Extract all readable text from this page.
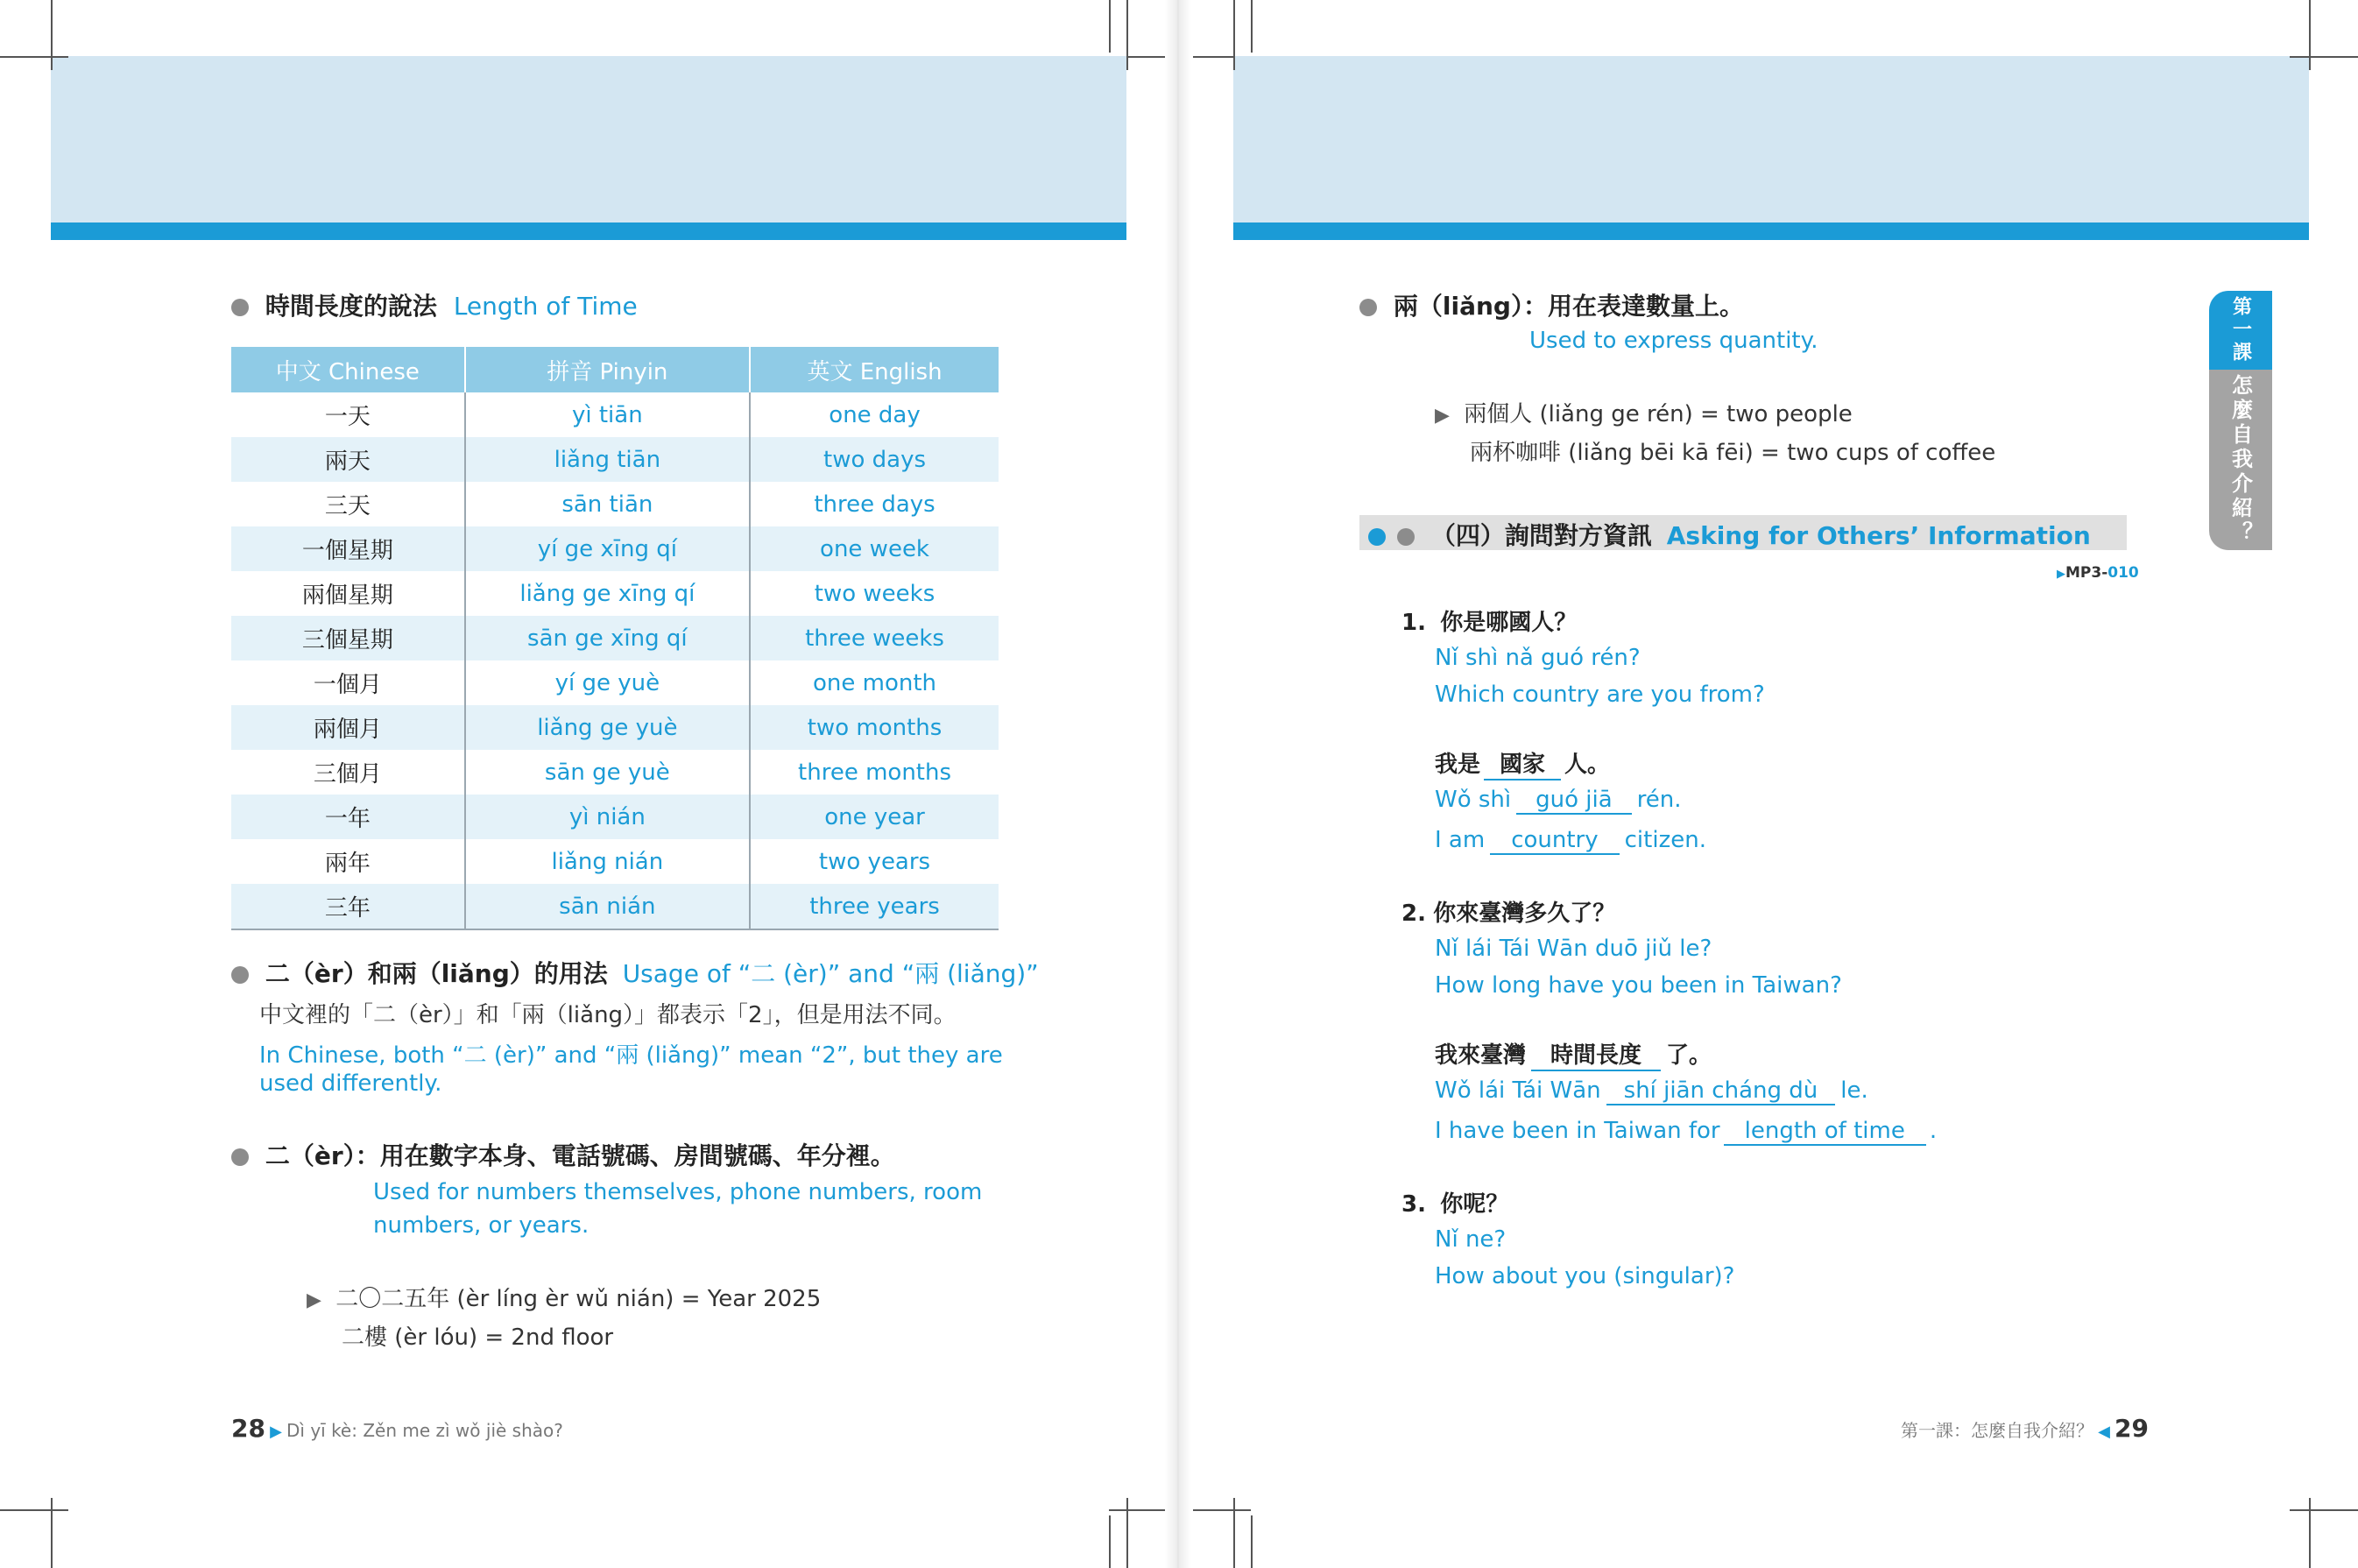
時間長度的說法 Length of Time
中文 Chinese	拼音 Pinyin	英文 English
一天	yì tiān	one day
兩天	liǎng tiān	two days
三天	sān tiān	three days
一個星期	yí ge xīng qí	one week
兩個星期	liǎng ge xīng qí	two weeks
三個星期	sān ge xīng qí	three weeks
一個月	yí ge yuè	one month
兩個月	liǎng ge yuè	two months
三個月	sān ge yuè	three months
一年	yì nián	one year
兩年	liǎng nián	two years
三年	sān nián	three years
二（èr）和兩（liǎng）的用法 Usage of “二 (èr)” and “兩 (liǎng)”
中文裡的「二（èr）」和「兩（liǎng）」都表示「2」，但是用法不同。
In Chinese, both “二 (èr)” and “兩 (liǎng)” mean “2”, but they are
used differently.
二（èr）：用在數字本身、電話號碼、房間號碼、年分裡。
Used for numbers themselves, phone numbers, room
numbers, or years.
▶ 二〇二五年 (èr líng èr wǔ nián) = Year 2025
二樓 (èr lóu) = 2nd floor
28 ▶ Dì yī kè: Zěn me zì wǒ jiè shào?
兩（liǎng）：用在表達數量上。
Used to express quantity.
▶ 兩個人 (liǎng ge rén) = two people
兩杯咖啡 (liǎng bēi kā fēi) = two cups of coffee
（四）詢問對方資訊 Asking for Others’ Information
▶MP3-010
1. 你是哪國人？
Nǐ shì nǎ guó rén?
Which country are you from?
我是 國家 人。
Wǒ shì guó jiā rén.
I am country citizen.
2. 你來臺灣多久了？
Nǐ lái Tái Wān duō jiǔ le?
How long have you been in Taiwan?
我來臺灣 時間長度 了。
Wǒ lái Tái Wān shí jiān cháng dù le.
I have been in Taiwan for length of time .
3. 你呢？
Nǐ ne?
How about you (singular)?
第一課
怎麼自我介紹？
第一課：怎麼自我介紹？ ◀ 29
